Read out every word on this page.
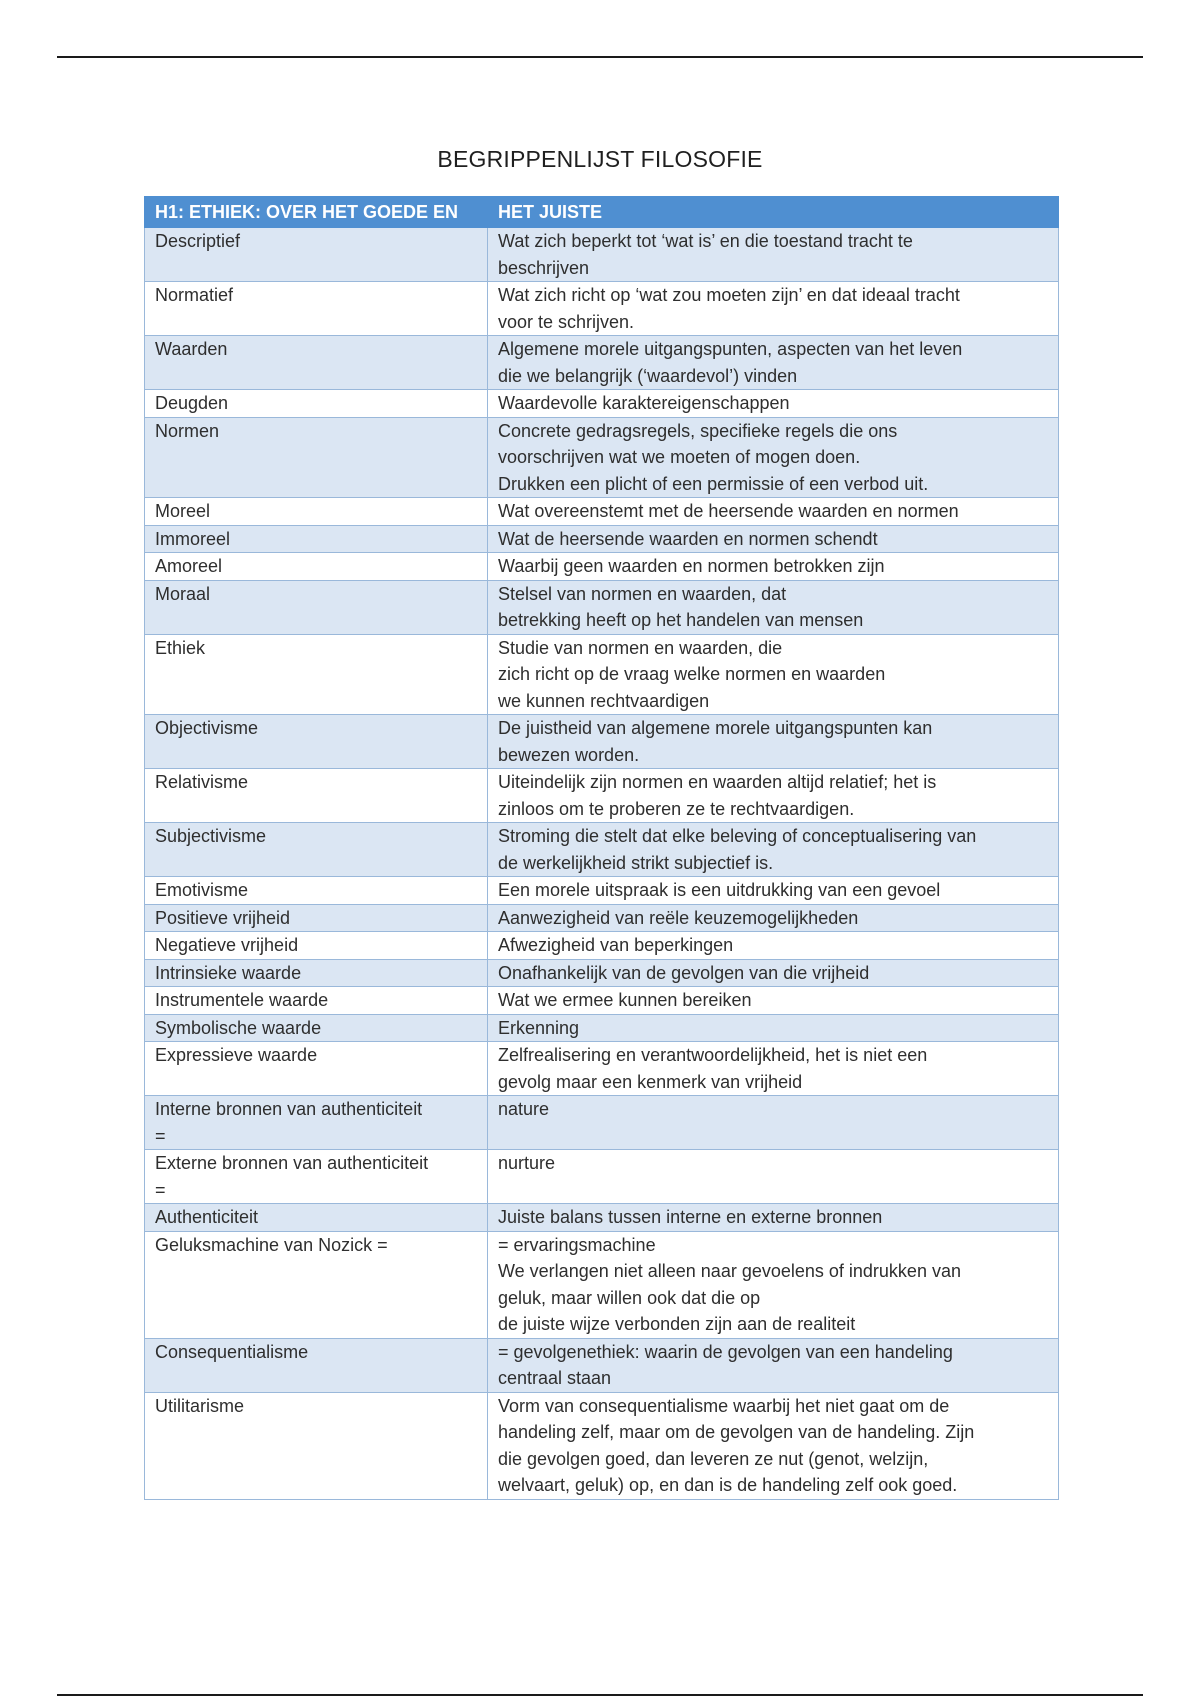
BEGRIPPENLIJST FILOSOFIE
H1: ETHIEK: OVER HET GOEDE EN	HET JUISTE

Descriptief	Wat zich beperkt tot ‘wat is’ en die toestand tracht te
beschrijven

Normatief	Wat zich richt op ‘wat zou moeten zijn’ en dat ideaal tracht
voor te schrijven.

Waarden	Algemene morele uitgangspunten, aspecten van het leven
die we belangrijk (‘waardevol’) vinden

Deugden	Waardevolle karaktereigenschappen

Normen	Concrete gedragsregels, specifieke regels die ons
voorschrijven wat we moeten of mogen doen.
Drukken een plicht of een permissie of een verbod uit.

Moreel	Wat overeenstemt met de heersende waarden en normen

Immoreel	Wat de heersende waarden en normen schendt

Amoreel	Waarbij geen waarden en normen betrokken zijn

Moraal	Stelsel van normen en waarden, dat
betrekking heeft op het handelen van mensen

Ethiek	Studie van normen en waarden, die
zich richt op de vraag welke normen en waarden
we kunnen rechtvaardigen

Objectivisme	De juistheid van algemene morele uitgangspunten kan
bewezen worden.

Relativisme	Uiteindelijk zijn normen en waarden altijd relatief; het is
zinloos om te proberen ze te rechtvaardigen.

Subjectivisme	Stroming die stelt dat elke beleving of conceptualisering van
de werkelijkheid strikt subjectief is.

Emotivisme	Een morele uitspraak is een uitdrukking van een gevoel

Positieve vrijheid	Aanwezigheid van reële keuzemogelijkheden

Negatieve vrijheid	Afwezigheid van beperkingen

Intrinsieke waarde	Onafhankelijk van de gevolgen van die vrijheid

Instrumentele waarde	Wat we ermee kunnen bereiken

Symbolische waarde	Erkenning

Expressieve waarde	Zelfrealisering en verantwoordelijkheid, het is niet een
gevolg maar een kenmerk van vrijheid

Interne bronnen van authenticiteit
=	nature

Externe bronnen van authenticiteit
=	nurture

Authenticiteit	Juiste balans tussen interne en externe bronnen

Geluksmachine van Nozick =	= ervaringsmachine
We verlangen niet alleen naar gevoelens of indrukken van
geluk, maar willen ook dat die op
de juiste wijze verbonden zijn aan de realiteit

Consequentialisme	= gevolgenethiek: waarin de gevolgen van een handeling
centraal staan

Utilitarisme	Vorm van consequentialisme waarbij het niet gaat om de
handeling zelf, maar om de gevolgen van de handeling. Zijn
die gevolgen goed, dan leveren ze nut (genot, welzijn,
welvaart, geluk) op, en dan is de handeling zelf ook goed.
